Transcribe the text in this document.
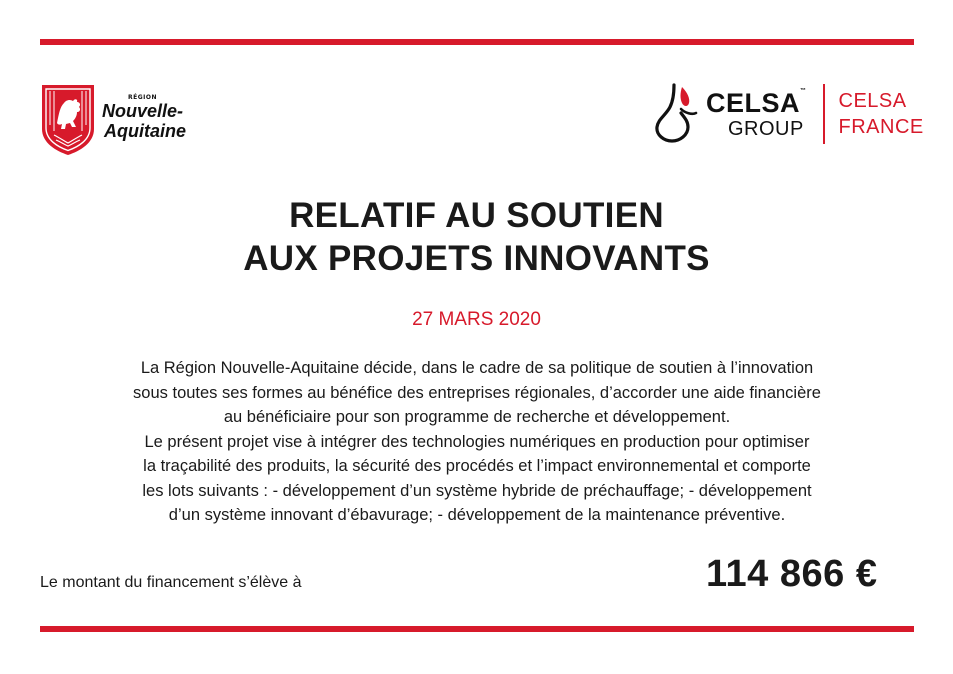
RÉGION
Nouvelle-
Aquitaine
CELSA™
GROUP
CELSA
FRANCE
RELATIF AU SOUTIEN
AUX PROJETS INNOVANTS
27 MARS 2020

La Région Nouvelle-Aquitaine décide, dans le cadre de sa politique de soutien à l’innovation

sous toutes ses formes au bénéfice des entreprises régionales, d’accorder une aide financière

au bénéficiaire pour son programme de recherche et développement.

Le présent projet vise à intégrer des technologies numériques en production pour optimiser

la traçabilité des produits, la sécurité des procédés et l’impact environnemental et comporte

les lots suivants : - développement d’un système hybride de préchauffage; - développement

d’un système innovant d’ébavurage; - développement de la maintenance préventive.

Le montant du financement s’élève à	114 866 €
